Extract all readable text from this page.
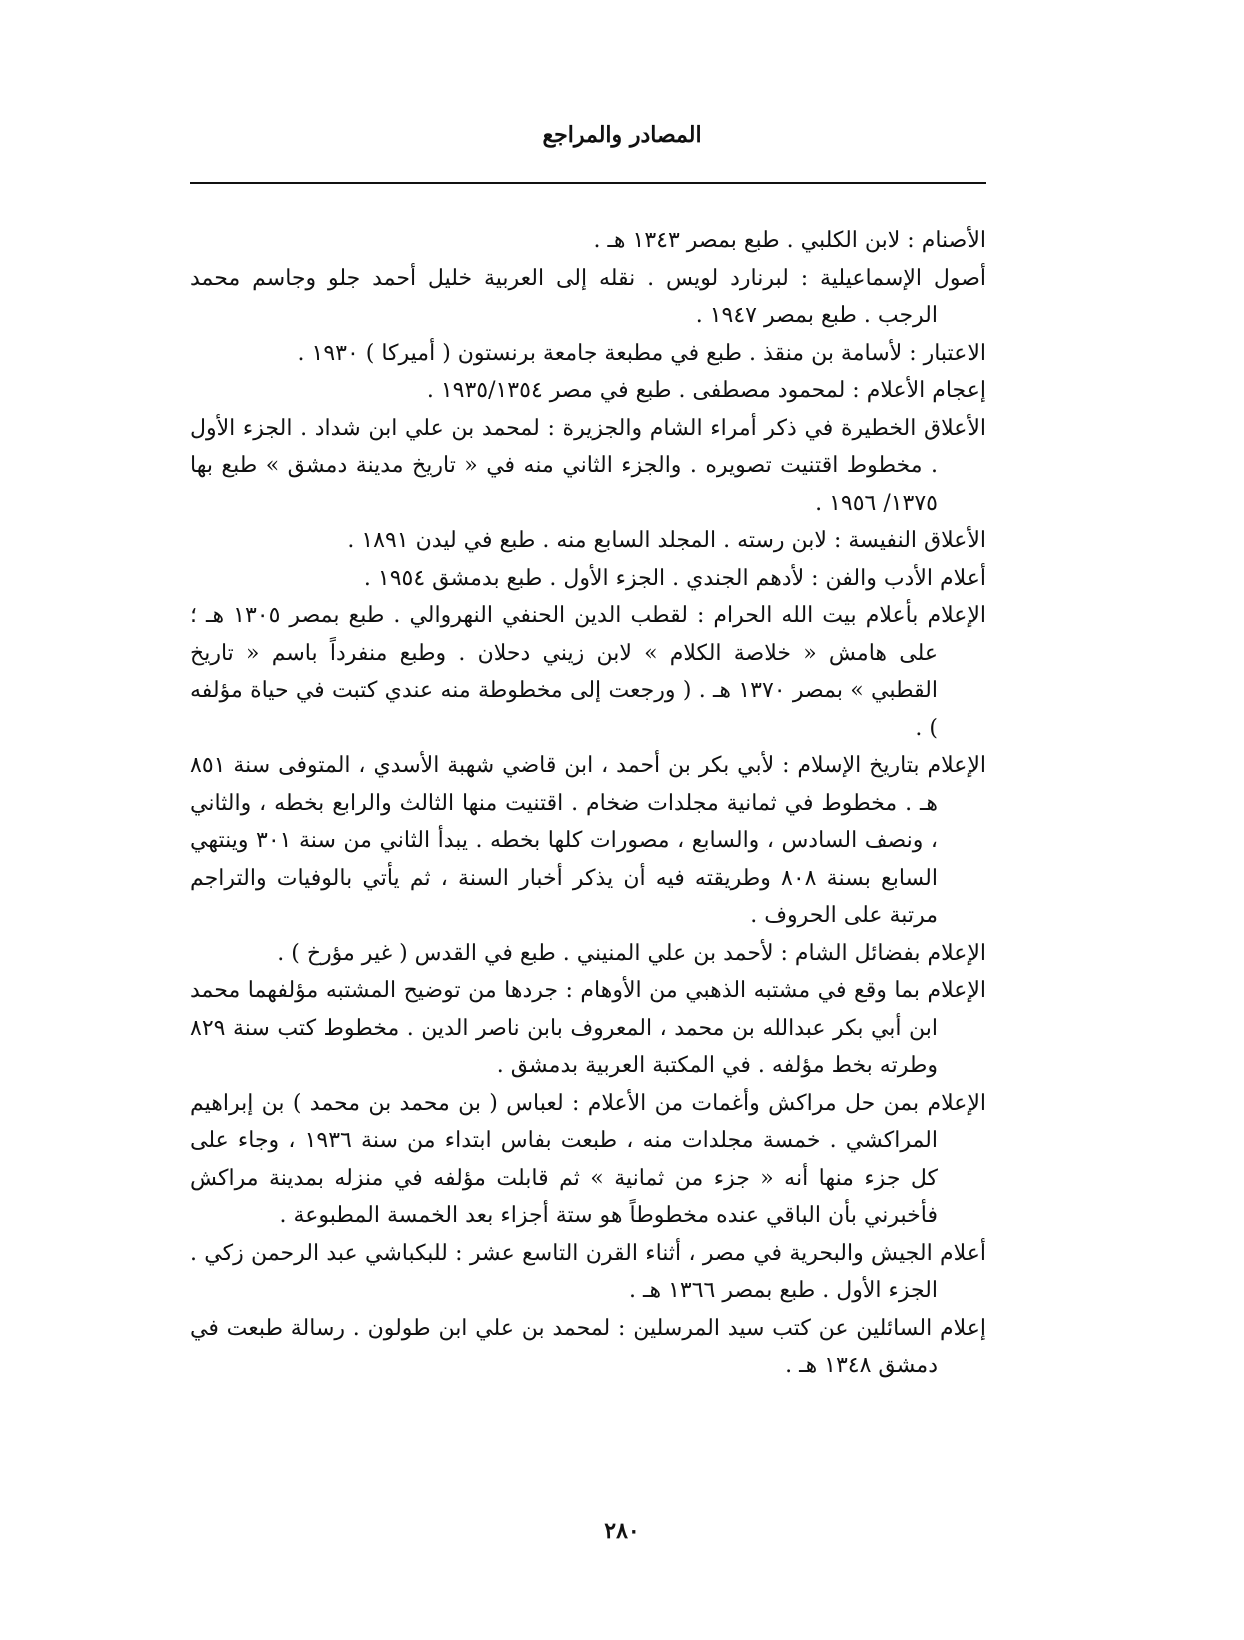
المصادر والمراجع

الأصنام : لابن الكلبي . طبع بمصر ١٣٤٣ هـ .

أصول الإسماعيلية : لبرنارد لويس . نقله إلى العربية خليل أحمد جلو وجاسم محمد الرجب . طبع بمصر ١٩٤٧ .

الاعتبار : لأسامة بن منقذ . طبع في مطبعة جامعة برنستون ( أميركا ) ١٩٣٠ .

إعجام الأعلام : لمحمود مصطفى . طبع في مصر ١٩٣٥/١٣٥٤ .

الأعلاق الخطيرة في ذكر أمراء الشام والجزيرة : لمحمد بن علي ابن شداد . الجزء الأول . مخطوط اقتنيت تصويره . والجزء الثاني منه في « تاريخ مدينة دمشق » طبع بها ١٣٧٥/ ١٩٥٦ .

الأعلاق النفيسة : لابن رسته . المجلد السابع منه . طبع في ليدن ١٨٩١ .

أعلام الأدب والفن : لأدهم الجندي . الجزء الأول . طبع بدمشق ١٩٥٤ .

الإعلام بأعلام بيت الله الحرام : لقطب الدين الحنفي النهروالي . طبع بمصر ١٣٠٥ هـ ؛ على هامش « خلاصة الكلام » لابن زيني دحلان . وطبع منفرداً باسم « تاريخ القطبي » بمصر ١٣٧٠ هـ . ( ورجعت إلى مخطوطة منه عندي كتبت في حياة مؤلفه ) .

الإعلام بتاريخ الإسلام : لأبي بكر بن أحمد ، ابن قاضي شهبة الأسدي ، المتوفى سنة ٨٥١ هـ . مخطوط في ثمانية مجلدات ضخام . اقتنيت منها الثالث والرابع بخطه ، والثاني ، ونصف السادس ، والسابع ، مصورات كلها بخطه . يبدأ الثاني من سنة ٣٠١ وينتهي السابع بسنة ٨٠٨ وطريقته فيه أن يذكر أخبار السنة ، ثم يأتي بالوفيات والتراجم مرتبة على الحروف .

الإعلام بفضائل الشام : لأحمد بن علي المنيني . طبع في القدس ( غير مؤرخ ) .

الإعلام بما وقع في مشتبه الذهبي من الأوهام : جردها من توضيح المشتبه مؤلفهما محمد ابن أبي بكر عبدالله بن محمد ، المعروف بابن ناصر الدين . مخطوط كتب سنة ٨٢٩ وطرته بخط مؤلفه . في المكتبة العربية بدمشق .

الإعلام بمن حل مراكش وأغمات من الأعلام : لعباس ( بن محمد بن محمد ) بن إبراهيم المراكشي . خمسة مجلدات منه ، طبعت بفاس ابتداء من سنة ١٩٣٦ ، وجاء على كل جزء منها أنه « جزء من ثمانية » ثم قابلت مؤلفه في منزله بمدينة مراكش فأخبرني بأن الباقي عنده مخطوطاً هو ستة أجزاء بعد الخمسة المطبوعة .

أعلام الجيش والبحرية في مصر ، أثناء القرن التاسع عشر : للبكباشي عبد الرحمن زكي . الجزء الأول . طبع بمصر ١٣٦٦ هـ .

إعلام السائلين عن كتب سيد المرسلين : لمحمد بن علي ابن طولون . رسالة طبعت في دمشق ١٣٤٨ هـ .

٢٨٠
